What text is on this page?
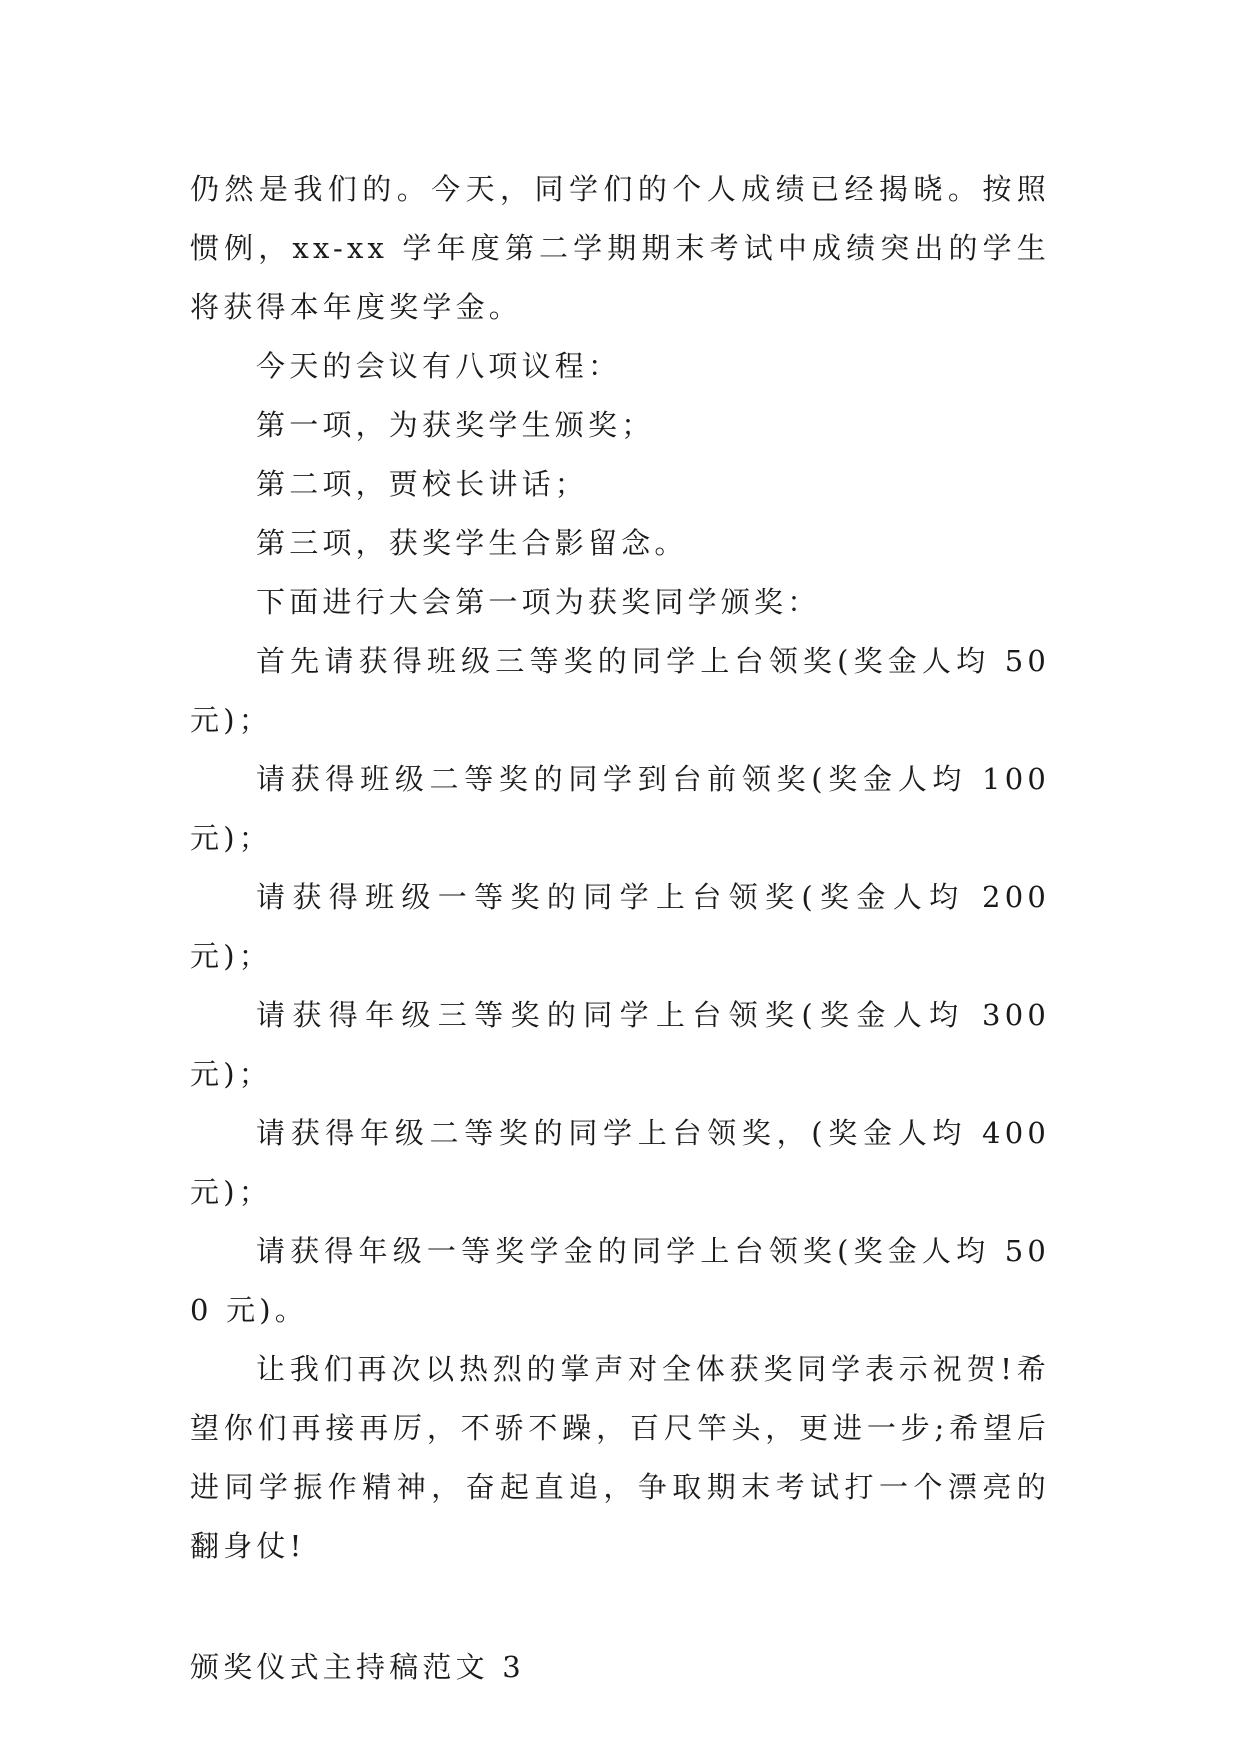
仍然是我们的。今天，同学们的个人成绩已经揭晓。按照惯例，xx-xx 学年度第二学期期末考试中成绩突出的学生将获得本年度奖学金。

今天的会议有八项议程：

第一项，为获奖学生颁奖；

第二项，贾校长讲话；

第三项，获奖学生合影留念。

下面进行大会第一项为获奖同学颁奖：

首先请获得班级三等奖的同学上台领奖(奖金人均 50 元)；

请获得班级二等奖的同学到台前领奖(奖金人均 100 元)；

请获得班级一等奖的同学上台领奖(奖金人均 200 元)；

请获得年级三等奖的同学上台领奖(奖金人均 300 元)；

请获得年级二等奖的同学上台领奖，(奖金人均 400 元)；

请获得年级一等奖学金的同学上台领奖(奖金人均 500 元)。

让我们再次以热烈的掌声对全体获奖同学表示祝贺!希望你们再接再厉，不骄不躁，百尺竿头，更进一步;希望后进同学振作精神，奋起直追，争取期末考试打一个漂亮的翻身仗!

颁奖仪式主持稿范文 3
